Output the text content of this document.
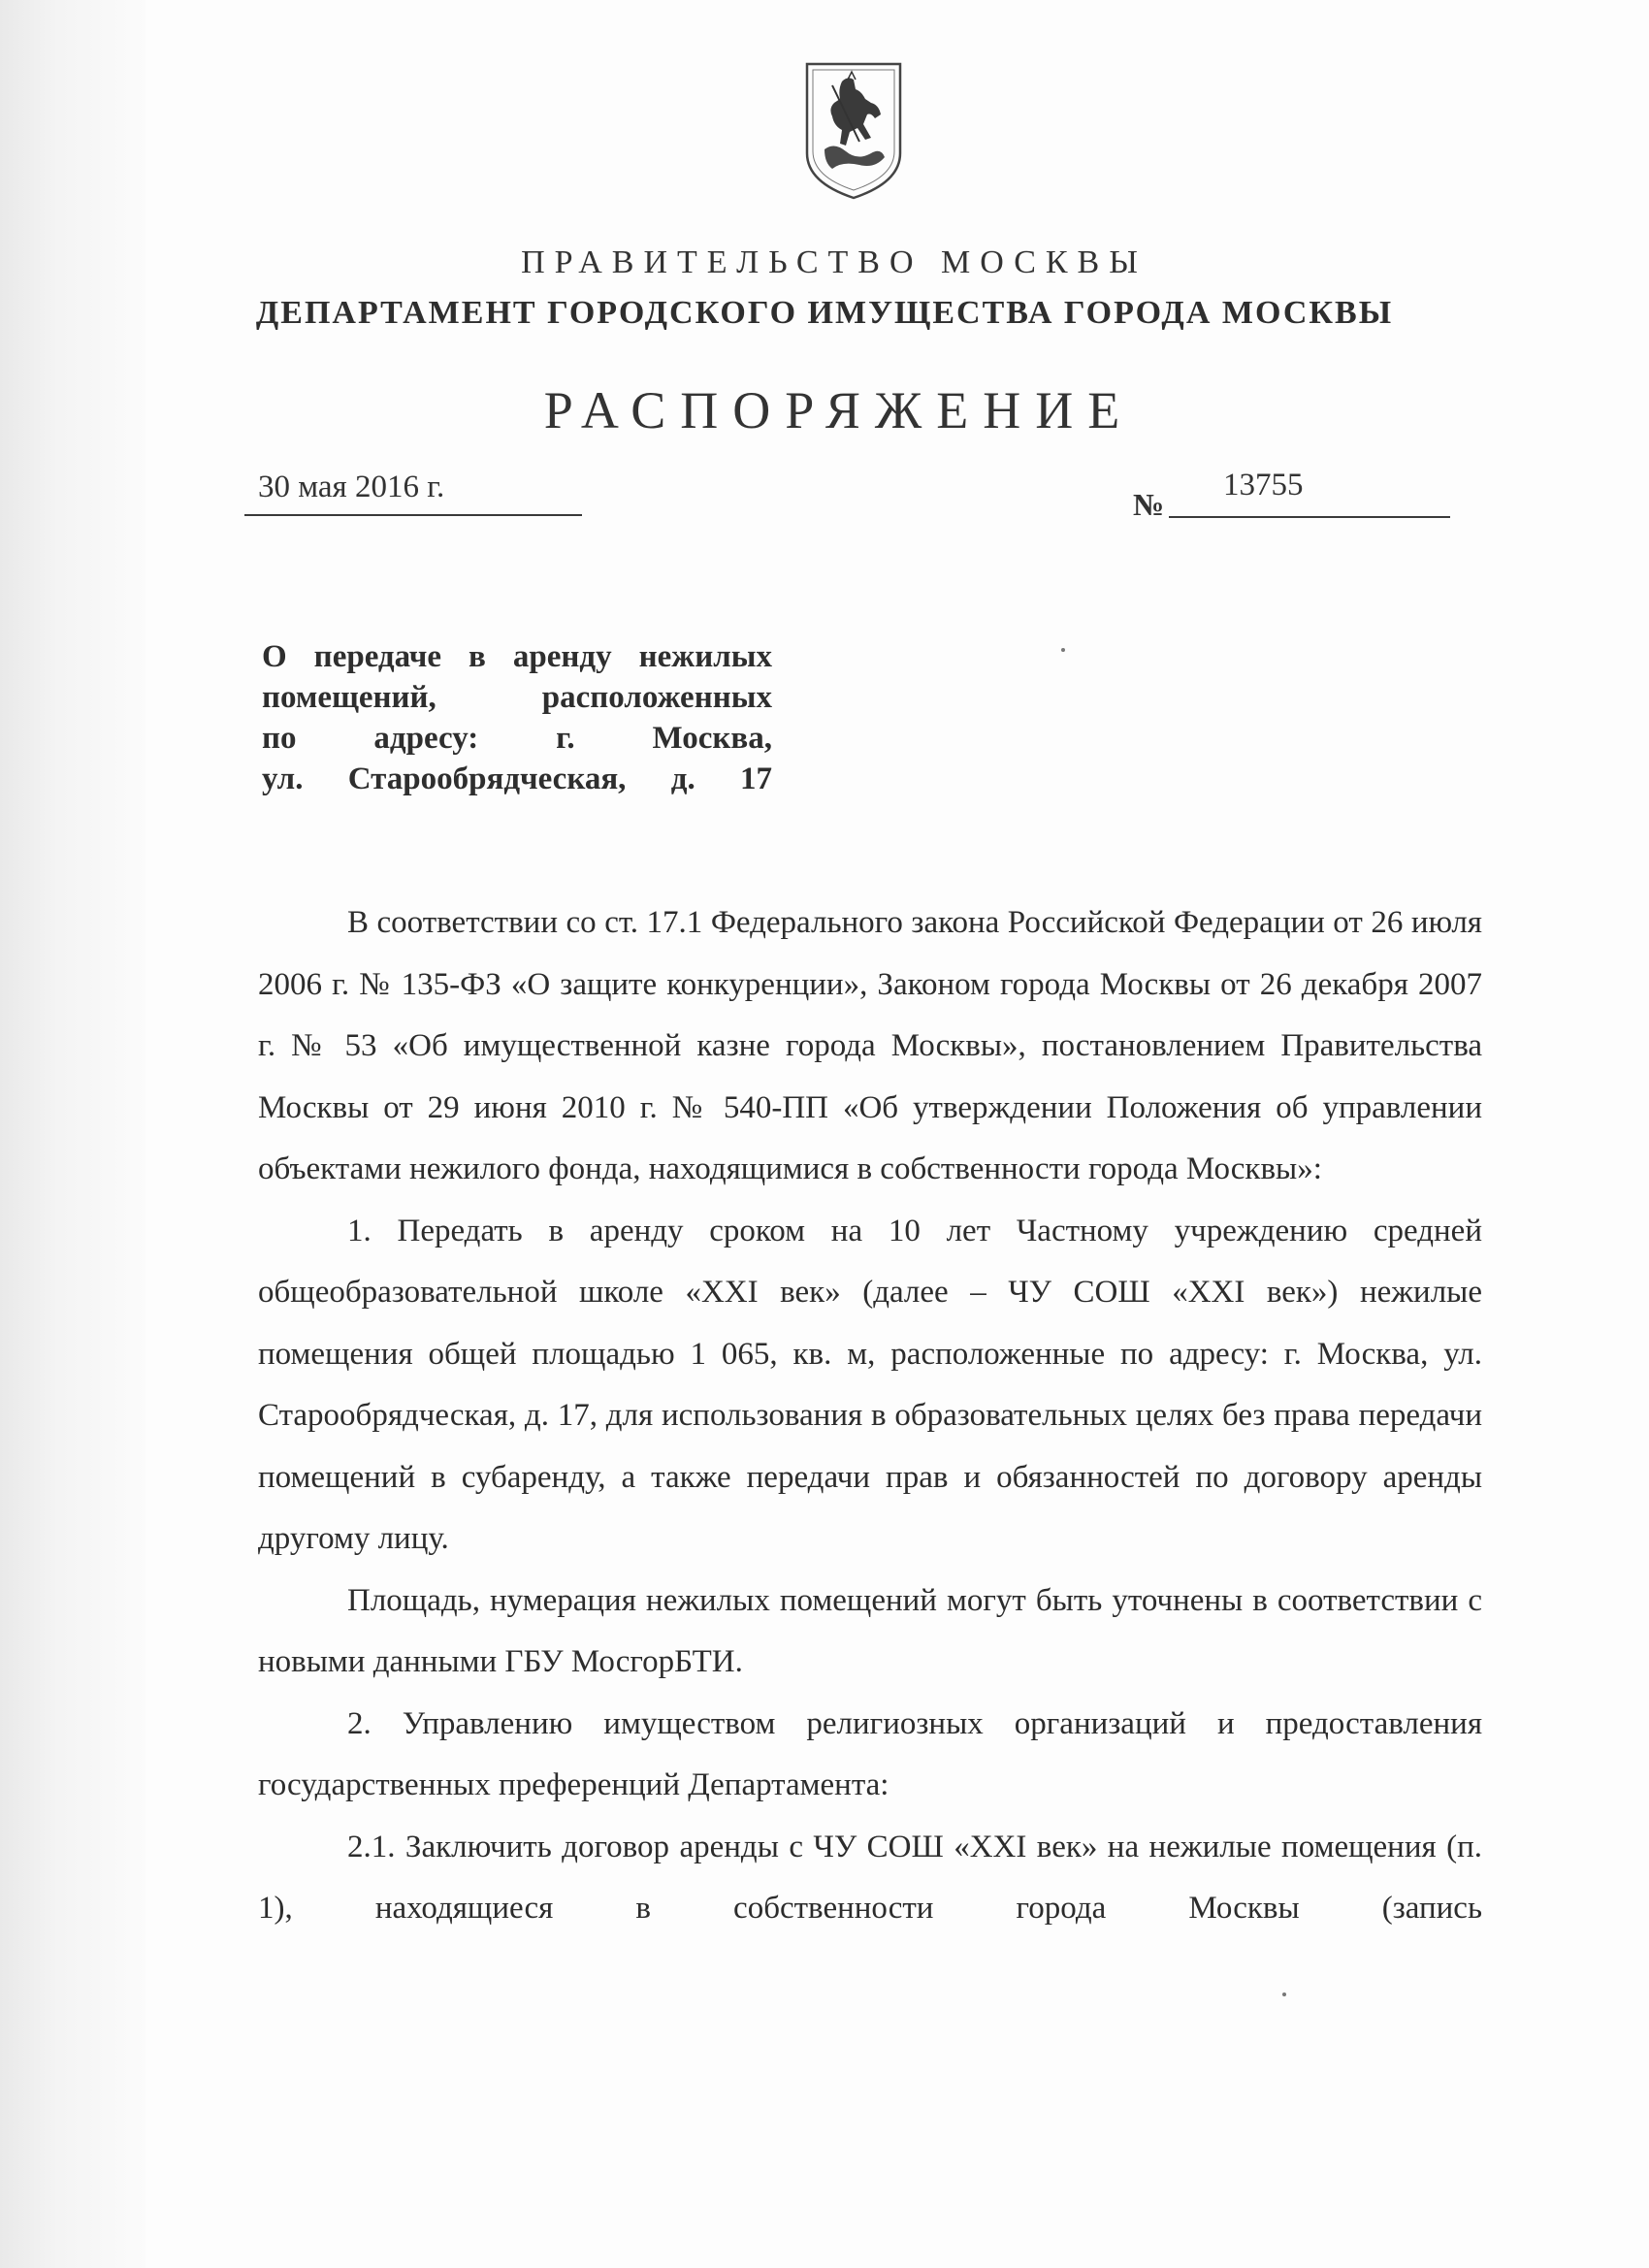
ПРАВИТЕЛЬСТВО МОСКВЫ
ДЕПАРТАМЕНТ ГОРОДСКОГО ИМУЩЕСТВА ГОРОДА МОСКВЫ
РАСПОРЯЖЕНИЕ
30 мая 2016 г.	№
13755
О передаче в аренду нежилых
помещений, расположенных
по адресу: г. Москва,
ул. Старообрядческая, д. 17

В соответствии со ст. 17.1 Федерального закона Российской Федерации от 26 июля 2006 г. № 135-ФЗ «О защите конкуренции», Законом города Москвы от 26 декабря 2007 г. № 53 «Об имущественной казне города Москвы», постановлением Правительства Москвы от 29 июня 2010 г. № 540-ПП «Об утверждении Положения об управлении объектами нежилого фонда, находящимися в собственности города Москвы»:

1. Передать в аренду сроком на 10 лет Частному учреждению средней общеобразовательной школе «XXI век» (далее – ЧУ СОШ «XXI век») нежилые помещения общей площадью 1 065, кв. м, расположенные по адресу: г. Москва, ул. Старообрядческая, д. 17, для использования в образовательных целях без права передачи помещений в субаренду, а также передачи прав и обязанностей по договору аренды другому лицу.

Площадь, нумерация нежилых помещений могут быть уточнены в соответствии с новыми данными ГБУ МосгорБТИ.

2. Управлению имуществом религиозных организаций и предоставления государственных преференций Департамента:

2.1. Заключить договор аренды с ЧУ СОШ «XXI век» на нежилые помещения (п. 1), находящиеся в собственности города Москвы (запись
